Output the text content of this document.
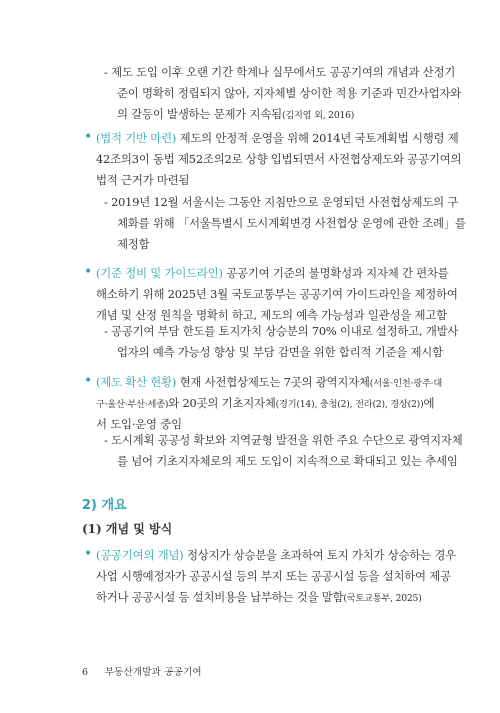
- 제도 도입 이후 오랜 기간 학계나 실무에서도 공공기여의 개념과 산정기
준이 명확히 정립되지 않아, 지자체별 상이한 적용 기준과 민간사업자와
의 갈등이 발생하는 문제가 지속됨(김지엽 외, 2016)
(법적 기반 마련) 제도의 안정적 운영을 위해 2014년 국토계획법 시행령 제
42조의3이 동법 제52조의2로 상향 입법되면서 사전협상제도와 공공기여의
법적 근거가 마련됨
•
- 2019년 12월 서울시는 그동안 지침만으로 운영되던 사전협상제도의 구
체화를 위해 「서울특별시 도시계획변경 사전협상 운영에 관한 조례」를
제정함
(기준 정비 및 가이드라인) 공공기여 기준의 불명확성과 지자체 간 편차를
해소하기 위해 2025년 3월 국토교통부는 공공기여 가이드라인을 제정하여
개념 및 산정 원칙을 명확히 하고, 제도의 예측 가능성과 일관성을 제고함
•
- 공공기여 부담 한도를 토지가치 상승분의 70% 이내로 설정하고, 개발사
업자의 예측 가능성 향상 및 부담 감면을 위한 합리적 기준을 제시함
(제도 확산 현황) 현재 사전협상제도는 7곳의 광역지자체(서울·인천·광주·대
구·울산·부산·세종)와 20곳의 기초지자체(경기(14), 충청(2), 전라(2), 경상(2))에
서 도입·운영 중임
•
- 도시계획 공공성 확보와 지역균형 발전을 위한 주요 수단으로 광역지자체
를 넘어 기초지자체로의 제도 도입이 지속적으로 확대되고 있는 추세임
2) 개요
(1) 개념 및 방식
(공공기여의 개념) 정상지가 상승분을 초과하여 토지 가치가 상승하는 경우
사업 시행예정자가 공공시설 등의 부지 또는 공공시설 등을 설치하여 제공
하거나 공공시설 등 설치비용을 납부하는 것을 말함(국토교통부, 2025)
•
6 부동산개발과 공공기여
